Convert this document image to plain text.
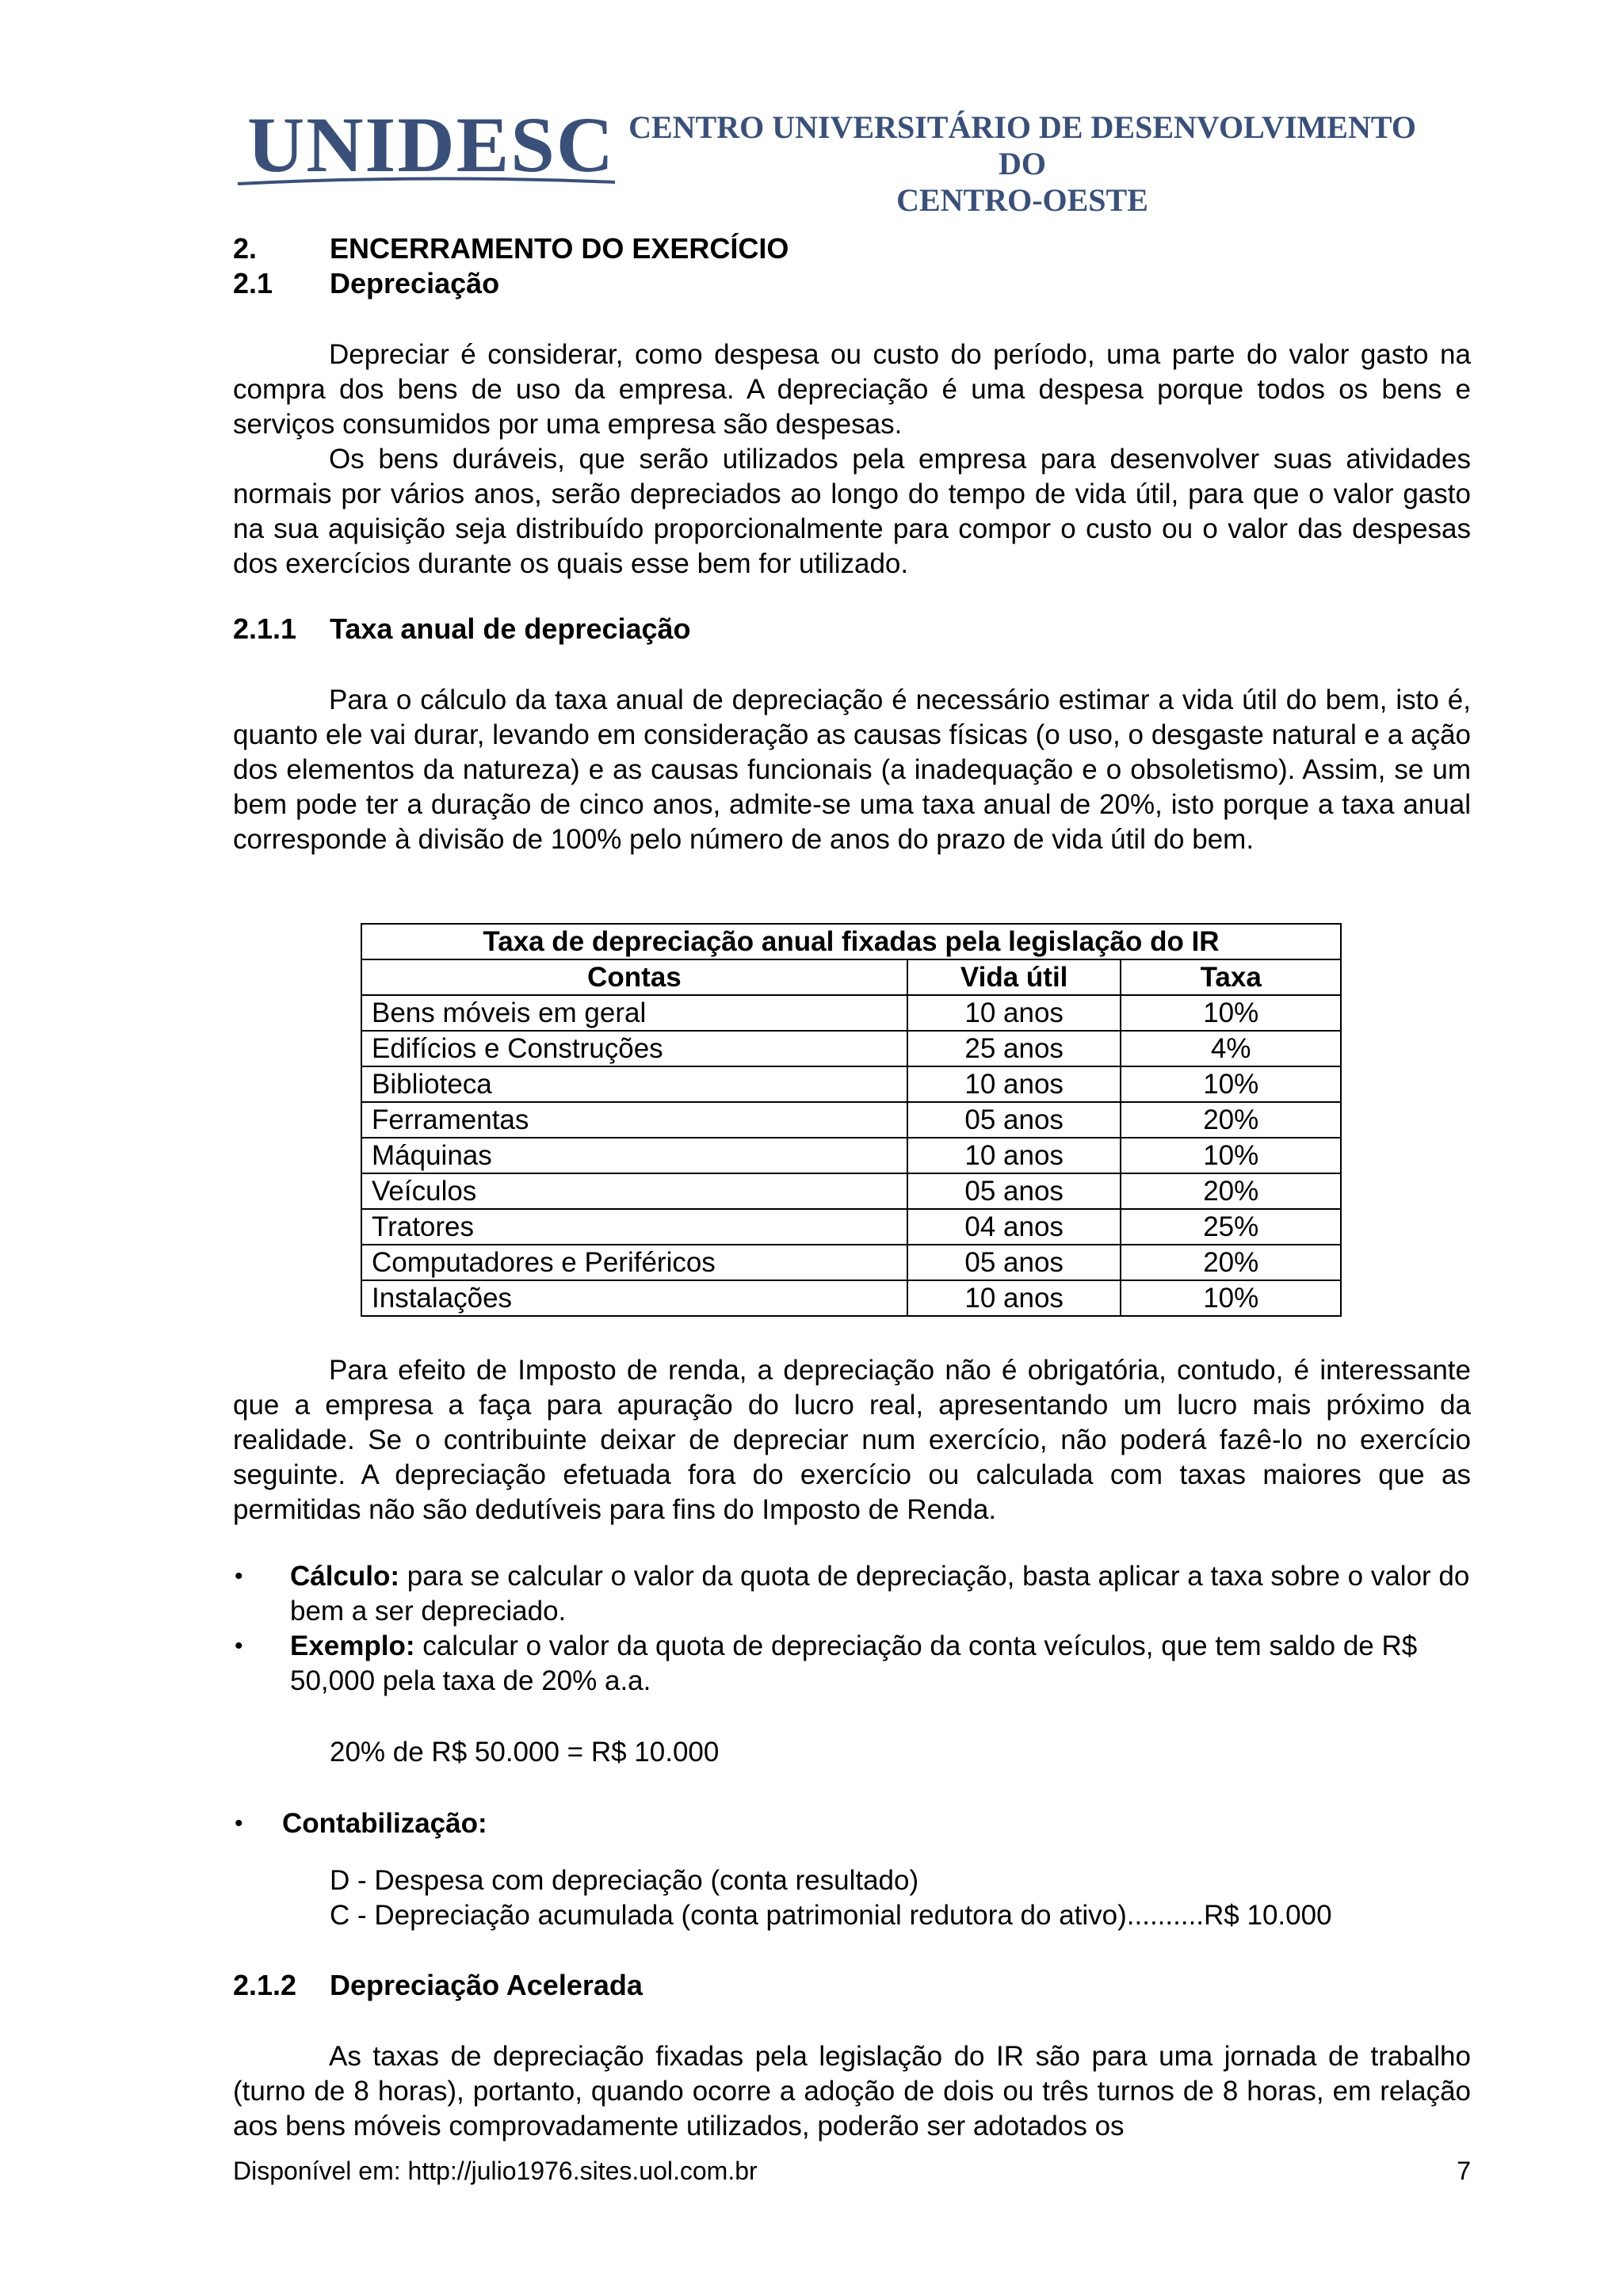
UNIDESC CENTRO UNIVERSITÁRIO DE DESENVOLVIMENTO DO
CENTRO-OESTE
2.	ENCERRAMENTO DO EXERCÍCIO
2.1 Depreciação

Depreciar é considerar, como despesa ou custo do período, uma parte do valor gasto na compra dos bens de uso da empresa. A depreciação é uma despesa porque todos os bens e serviços consumidos por uma empresa são despesas.

Os bens duráveis, que serão utilizados pela empresa para desenvolver suas atividades normais por vários anos, serão depreciados ao longo do tempo de vida útil, para que o valor gasto na sua aquisição seja distribuído proporcionalmente para compor o custo ou o valor das despesas dos exercícios durante os quais esse bem for utilizado.

2.1.1 Taxa anual de depreciação

Para o cálculo da taxa anual de depreciação é necessário estimar a vida útil do bem, isto é, quanto ele vai durar, levando em consideração as causas físicas (o uso, o desgaste natural e a ação dos elementos da natureza) e as causas funcionais (a inadequação e o obsoletismo). Assim, se um bem pode ter a duração de cinco anos, admite-se uma taxa anual de 20%, isto porque a taxa anual corresponde à divisão de 100% pelo número de anos do prazo de vida útil do bem.

Taxa de depreciação anual fixadas pela legislação do IR		
Contas	Vida útil	Taxa
Bens móveis em geral	10 anos	10%
Edifícios e Construções	25 anos	4%
Biblioteca	10 anos	10%
Ferramentas	05 anos	20%
Máquinas	10 anos	10%
Veículos	05 anos	20%
Tratores	04 anos	25%
Computadores e Periféricos	05 anos	20%
Instalações	10 anos	10%

Para efeito de Imposto de renda, a depreciação não é obrigatória, contudo, é interessante que a empresa a faça para apuração do lucro real, apresentando um lucro mais próximo da realidade. Se o contribuinte deixar de depreciar num exercício, não poderá fazê-lo no exercício seguinte. A depreciação efetuada fora do exercício ou calculada com taxas maiores que as permitidas não são dedutíveis para fins do Imposto de Renda.

• Cálculo: para se calcular o valor da quota de depreciação, basta aplicar a taxa sobre o valor do bem a ser depreciado.

• Exemplo: calcular o valor da quota de depreciação da conta veículos, que tem saldo de R$ 50,000 pela taxa de 20% a.a.

20% de R$ 50.000 = R$ 10.000
• Contabilização:
D - Despesa com depreciação (conta resultado)
C - Depreciação acumulada (conta patrimonial redutora do ativo)..........R$ 10.000
2.1.2 Depreciação Acelerada

As taxas de depreciação fixadas pela legislação do IR são para uma jornada de trabalho (turno de 8 horas), portanto, quando ocorre a adoção de dois ou três turnos de 8 horas, em relação aos bens móveis comprovadamente utilizados, poderão ser adotados os

Disponível em: http://julio1976.sites.uol.com.br	7
